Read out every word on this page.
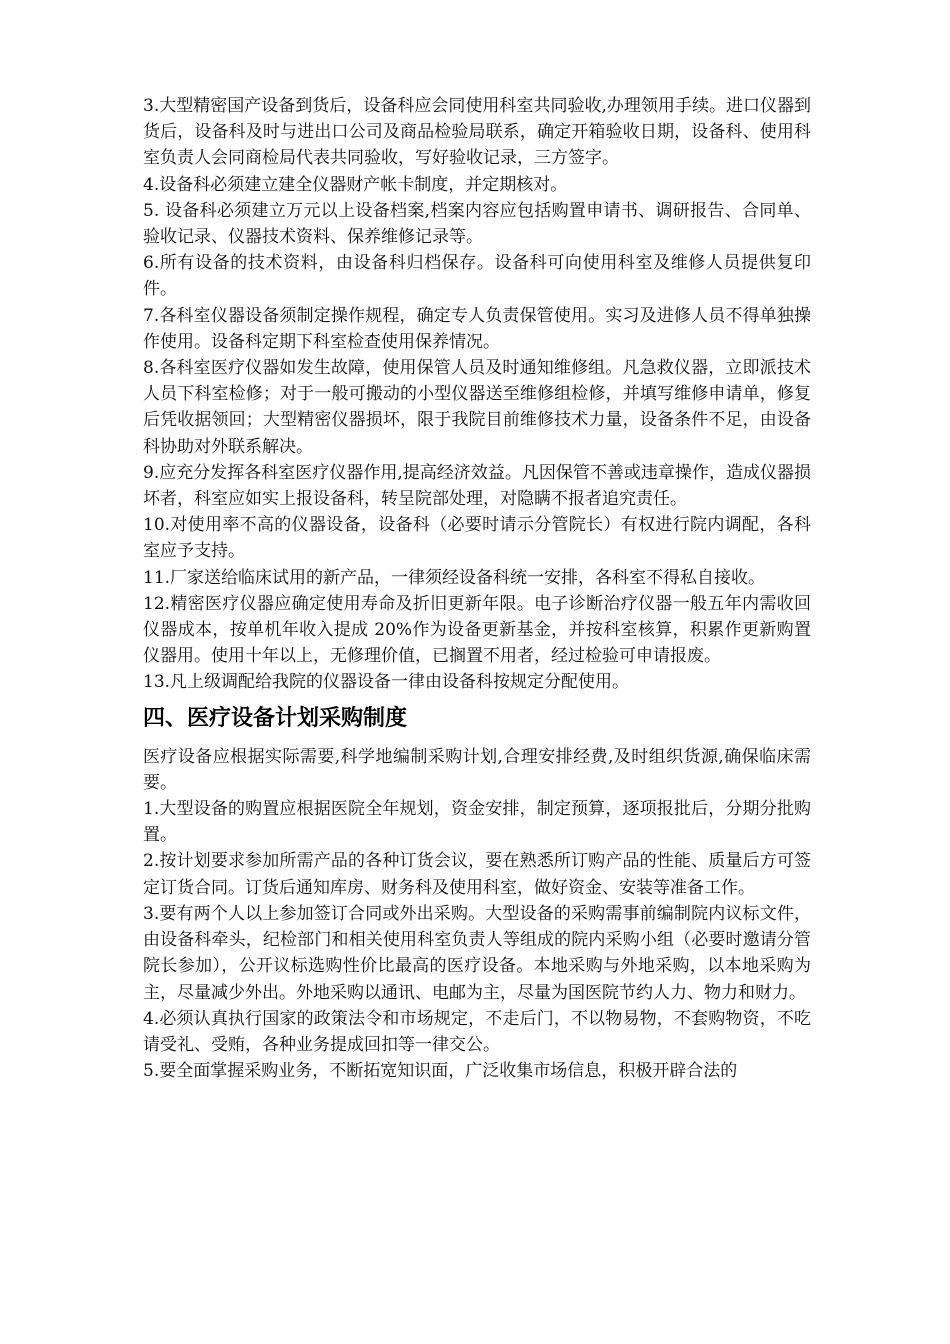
3.大型精密国产设备到货后，设备科应会同使用科室共同验收,办理领用手续。进口仪器到货后，设备科及时与进出口公司及商品检验局联系，确定开箱验收日期，设备科、使用科室负责人会同商检局代表共同验收，写好验收记录，三方签字。

4.设备科必须建立建全仪器财产帐卡制度，并定期核对。

5. 设备科必须建立万元以上设备档案,档案内容应包括购置申请书、调研报告、合同单、验收记录、仪器技术资料、保养维修记录等。

6.所有设备的技术资料，由设备科归档保存。设备科可向使用科室及维修人员提供复印件。

7.各科室仪器设备须制定操作规程，确定专人负责保管使用。实习及进修人员不得单独操作使用。设备科定期下科室检查使用保养情况。

8.各科室医疗仪器如发生故障，使用保管人员及时通知维修组。凡急救仪器，立即派技术人员下科室检修；对于一般可搬动的小型仪器送至维修组检修，并填写维修申请单，修复后凭收据领回；大型精密仪器损坏，限于我院目前维修技术力量，设备条件不足，由设备科协助对外联系解决。

9.应充分发挥各科室医疗仪器作用,提高经济效益。凡因保管不善或违章操作，造成仪器损坏者，科室应如实上报设备科，转呈院部处理，对隐瞒不报者追究责任。

10.对使用率不高的仪器设备，设备科（必要时请示分管院长）有权进行院内调配，各科室应予支持。

11.厂家送给临床试用的新产品，一律须经设备科统一安排，各科室不得私自接收。

12.精密医疗仪器应确定使用寿命及折旧更新年限。电子诊断治疗仪器一般五年内需收回仪器成本，按单机年收入提成 20%作为设备更新基金，并按科室核算，积累作更新购置仪器用。使用十年以上，无修理价值，已搁置不用者，经过检验可申请报废。

13.凡上级调配给我院的仪器设备一律由设备科按规定分配使用。

四、医疗设备计划采购制度

医疗设备应根据实际需要,科学地编制采购计划,合理安排经费,及时组织货源,确保临床需要。

1.大型设备的购置应根据医院全年规划，资金安排，制定预算，逐项报批后，分期分批购置。

2.按计划要求参加所需产品的各种订货会议，要在熟悉所订购产品的性能、质量后方可签定订货合同。订货后通知库房、财务科及使用科室，做好资金、安装等准备工作。

3.要有两个人以上参加签订合同或外出采购。大型设备的采购需事前编制院内议标文件，由设备科牵头，纪检部门和相关使用科室负责人等组成的院内采购小组（必要时邀请分管院长参加），公开议标选购性价比最高的医疗设备。本地采购与外地采购，以本地采购为主，尽量减少外出。外地采购以通讯、电邮为主，尽量为国医院节约人力、物力和财力。

4.必须认真执行国家的政策法令和市场规定，不走后门，不以物易物，不套购物资，不吃请受礼、受贿，各种业务提成回扣等一律交公。

5.要全面掌握采购业务，不断拓宽知识面，广泛收集市场信息，积极开辟合法的
